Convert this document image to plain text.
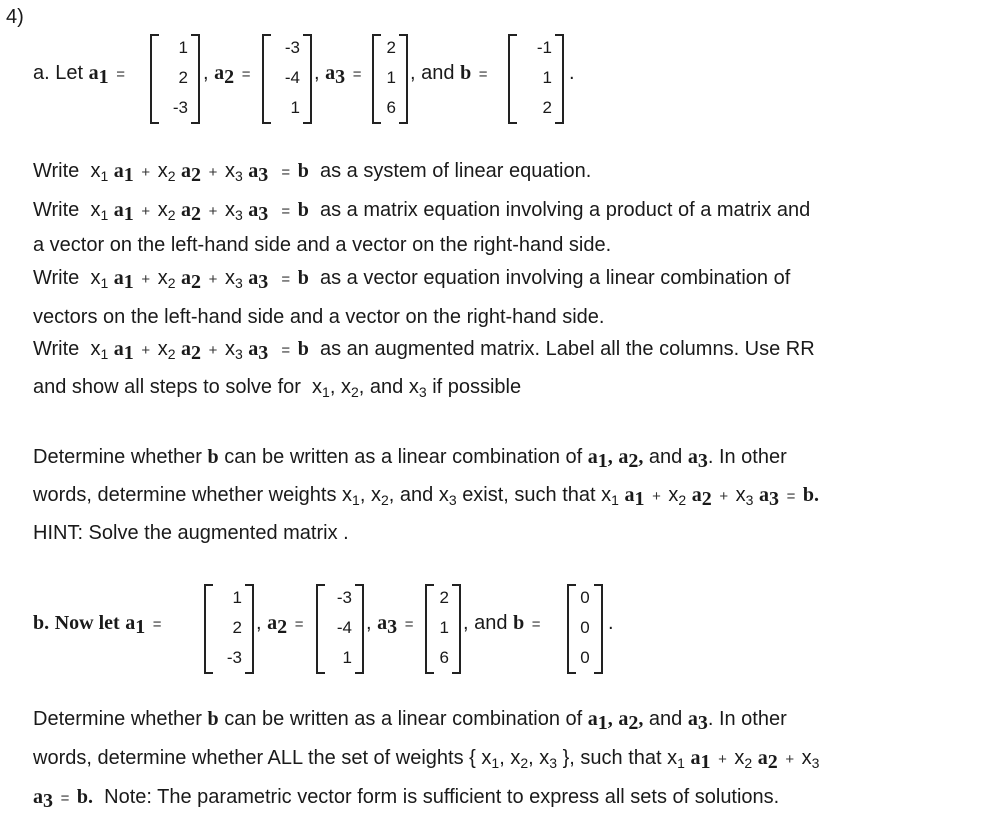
4)
a. Let a1 =
1
2
-3
, a2 =
-3
-4
1
, a3 =
2
1
6
, and b =
-1
1
2
.
Write $x_1$ $a1 + x_2$ $a2 + x_3$ a3 = b as a system of linear equation.
Write $x_1$ $a1 + x_2$ $a2 + x_3$ a3 = b as a matrix equation involving a product of a matrix and
a vector on the left-hand side and a vector on the right-hand side.
Write $x_1$ $a1 + x_2$ $a2 + x_3$ a3 = b as a vector equation involving a linear combination of
vectors on the left-hand side and a vector on the right-hand side.
Write $x_1$ $a1 + x_2$ $a2 + x_3$ a3 = b as an augmented matrix. Label all the columns. Use RR
and show all steps to solve for $x_1$, $x_2$, and $x_3$ if possible
Determine whether b can be written as a linear combination of a1, a2, and a3. In other
words, determine whether weights $x_1$, $x_2$, and $x_3$ exist, such that $x_1$ $a1 + x_2$ $a2 + x_3$ a3 = b.
HINT: Solve the augmented matrix .
b. Now let a1 =
1
2
-3
, a2 =
-3
-4
1
, a3 =
2
1
6
, and b =
0
0
0
.
Determine whether b can be written as a linear combination of a1, a2, and a3. In other
words, determine whether ALL the set of weights { $x_1$, $x_2$, $x_3$ }, such that $x_1$ $a1 + x_2$ $a2 + x_3$
a3 = b. Note: The parametric vector form is sufficient to express all sets of solutions.
